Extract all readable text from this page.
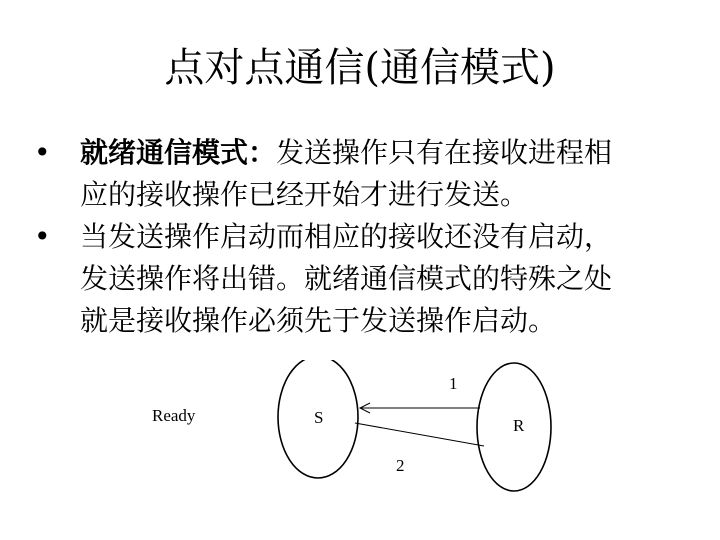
点对点通信(通信模式)
• 就绪通信模式：发送操作只有在接收进程相
应的接收操作已经开始才进行发送。
• 当发送操作启动而相应的接收还没有启动，
发送操作将出错。就绪通信模式的特殊之处
就是接收操作必须先于发送操作启动。
Ready	S	R
1
2
